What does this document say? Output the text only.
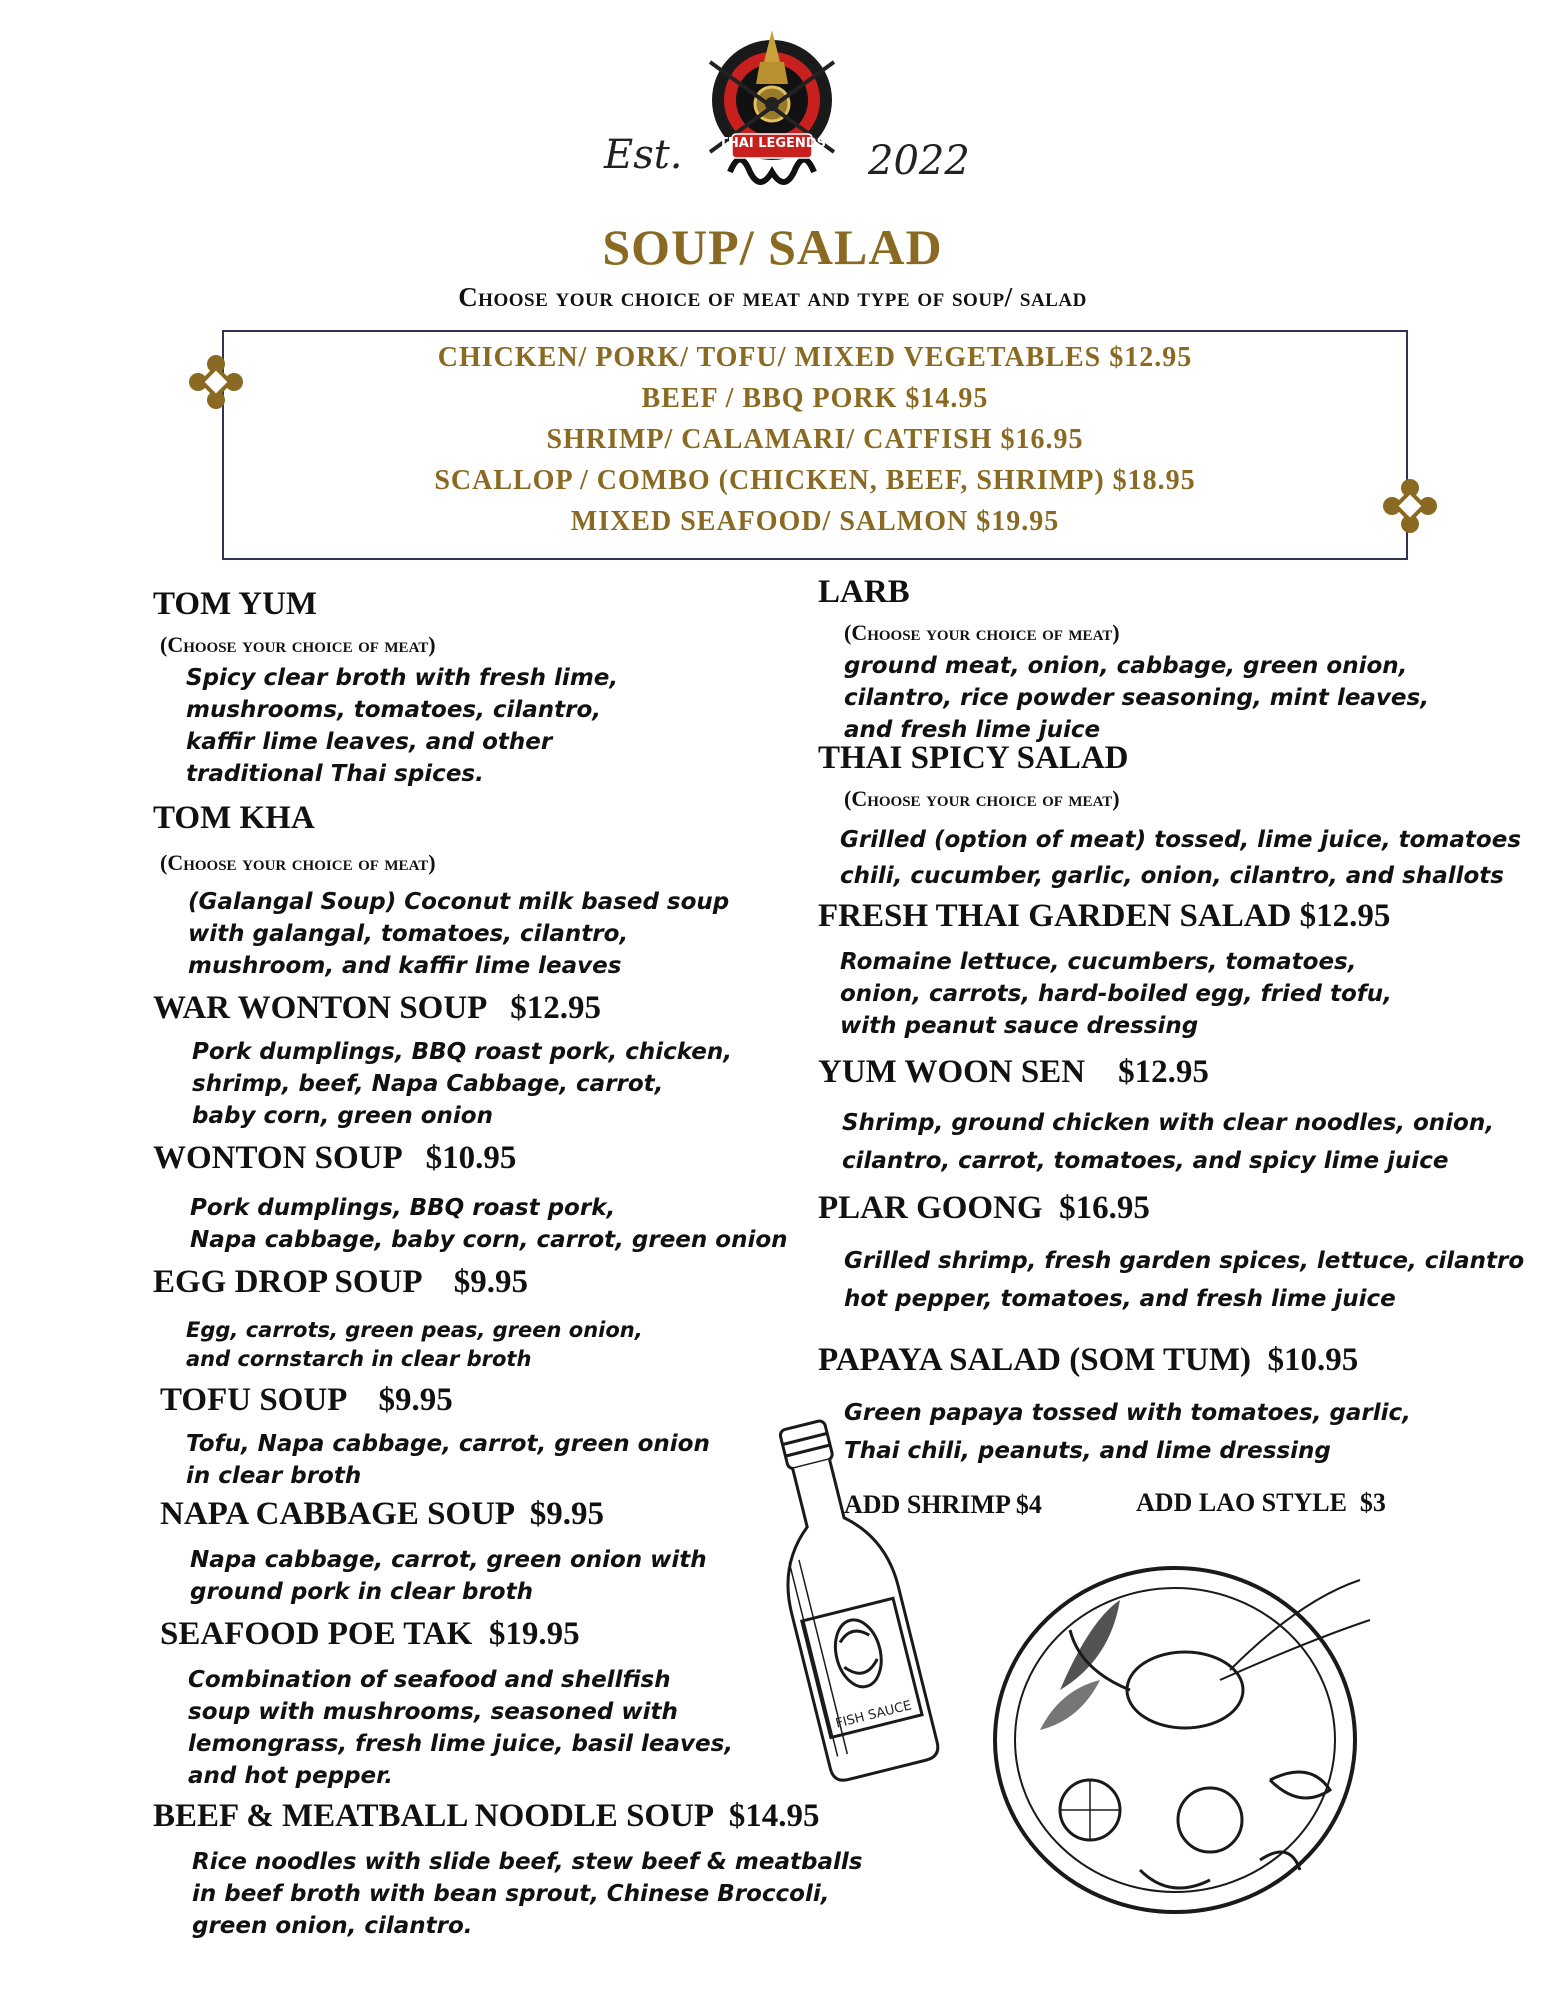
THAI LEGENDS
Est.	2022
SOUP/ SALAD
Choose your choice of meat and type of soup/ salad
CHICKEN/ PORK/ TOFU/ MIXED VEGETABLES $12.95
BEEF / BBQ PORK $14.95
SHRIMP/ CALAMARI/ CATFISH $16.95
SCALLOP / COMBO (CHICKEN, BEEF, SHRIMP) $18.95
MIXED SEAFOOD/ SALMON $19.95
TOM YUM
(Choose your choice of meat)
Spicy clear broth with fresh lime,
mushrooms, tomatoes, cilantro,
kaffir lime leaves, and other
traditional Thai spices.
TOM KHA
(Choose your choice of meat)
(Galangal Soup) Coconut milk based soup
with galangal, tomatoes, cilantro,
mushroom, and kaffir lime leaves
WAR WONTON SOUP   $12.95
Pork dumplings, BBQ roast pork, chicken,
shrimp, beef, Napa Cabbage, carrot,
baby corn, green onion
WONTON SOUP   $10.95
Pork dumplings, BBQ roast pork,
Napa cabbage, baby corn, carrot, green onion
EGG DROP SOUP    $9.95
Egg, carrots, green peas, green onion,
and cornstarch in clear broth
TOFU SOUP    $9.95
Tofu, Napa cabbage, carrot, green onion
in clear broth
NAPA CABBAGE SOUP  $9.95
Napa cabbage, carrot, green onion with
ground pork in clear broth
SEAFOOD POE TAK  $19.95
Combination of seafood and shellfish
soup with mushrooms, seasoned with
lemongrass, fresh lime juice, basil leaves,
and hot pepper.
BEEF & MEATBALL NOODLE SOUP  $14.95
Rice noodles with slide beef, stew beef & meatballs
in beef broth with bean sprout, Chinese Broccoli,
green onion, cilantro.
LARB
(Choose your choice of meat)
ground meat, onion, cabbage, green onion,
cilantro, rice powder seasoning, mint leaves,
and fresh lime juice
THAI SPICY SALAD
(Choose your choice of meat)
Grilled (option of meat) tossed, lime juice, tomatoes
chili, cucumber, garlic, onion, cilantro, and shallots
FRESH THAI GARDEN SALAD $12.95
Romaine lettuce, cucumbers, tomatoes,
onion, carrots, hard-boiled egg, fried tofu,
with peanut sauce dressing
YUM WOON SEN    $12.95
Shrimp, ground chicken with clear noodles, onion,
cilantro, carrot, tomatoes, and spicy lime juice
PLAR GOONG  $16.95
Grilled shrimp, fresh garden spices, lettuce, cilantro
hot pepper, tomatoes, and fresh lime juice
PAPAYA SALAD (SOM TUM)  $10.95
Green papaya tossed with tomatoes, garlic,
Thai chili, peanuts, and lime dressing
ADD SHRIMP $4	ADD LAO STYLE  $3
FISH SAUCE
